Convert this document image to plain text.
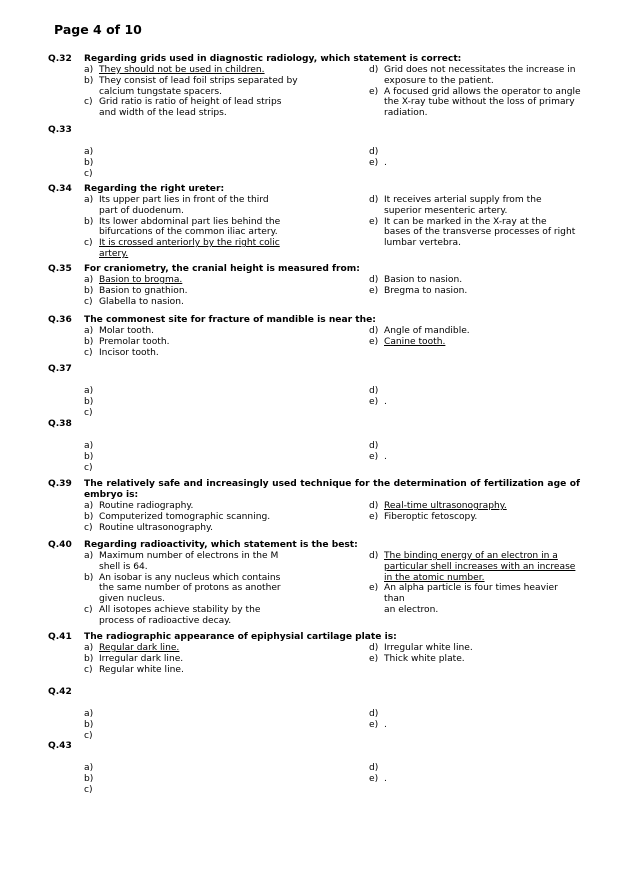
Page 4 of 10
Q.32 Regarding grids used in diagnostic radiology, which statement is correct:
a) They should not be used in children.
b) They consist of lead foil strips separated by
calcium tungstate spacers.
c) Grid ratio is ratio of height of lead strips
and width of the lead strips.
d) Grid does not necessitates the increase in
exposure to the patient.
e) A focused grid allows the operator to angle
the X-ray tube without the loss of primary
radiation.
Q.33
a)

b)

c)

d)

e) .
Q.34 Regarding the right ureter:
a) Its upper part lies in front of the third
part of duodenum.
b) Its lower abdominal part lies behind the
bifurcations of the common iliac artery.
c) It is crossed anteriorly by the right colic
artery.
d) It receives arterial supply from the
superior mesenteric artery.
e) It can be marked in the X-ray at the
bases of the transverse processes of right
lumbar vertebra.
Q.35 For craniometry, the cranial height is measured from:
a) Basion to brogma.
b) Basion to gnathion.
c) Glabella to nasion.
d) Basion to nasion.
e) Bregma to nasion.
Q.36 The commonest site for fracture of mandible is near the:
a) Molar tooth.
b) Premolar tooth.
c) Incisor tooth.
d) Angle of mandible.
e) Canine tooth.
Q.37
a)

b)

c)

d)

e) .
Q.38
a)

b)

c)

d)

e) .
Q.39 The relatively safe and increasingly used technique for the determination of fertilization age of embryo is:
a) Routine radiography.
b) Computerized tomographic scanning.
c) Routine ultrasonography.
d) Real-time ultrasonography.
e) Fiberoptic fetoscopy.
Q.40 Regarding radioactivity, which statement is the best:
a) Maximum number of electrons in the M
shell is 64.
b) An isobar is any nucleus which contains
the same number of protons as another
given nucleus.
c) All isotopes achieve stability by the
process of radioactive decay.
d) The binding energy of an electron in a
particular shell increases with an increase
in the atomic number.
e) An alpha particle is four times heavier than
an electron.
Q.41 The radiographic appearance of epiphysial cartilage plate is:
a) Regular dark line.
b) Irregular dark line.
c) Regular white line.
d) Irregular white line.
e) Thick white plate.
Q.42
a)

b)

c)

d)

e) .
Q.43
a)

b)

c)

d)

e) .
